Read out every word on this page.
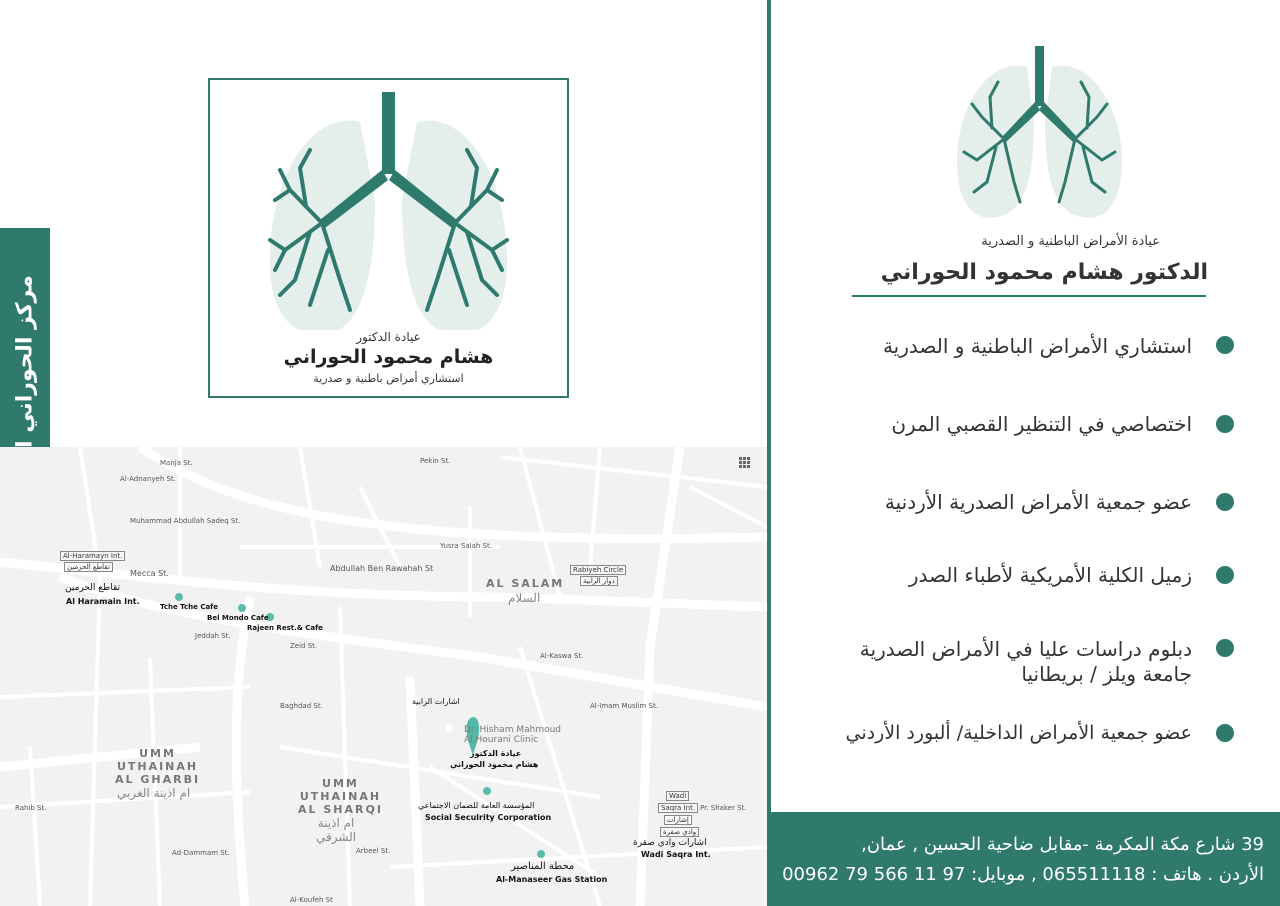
عيادة الدكتور
هشام محمود الحوراني
استشاري أمراض باطنية و صدرية
Pekin St.
Manja St.
Al-Adnanyeh St.
Muhammad Abdullah Sadeq St.
Abdullah Ben Rawahah St
Mecca St.
Yusra Salah St.
Jeddah St.
Zeid St.
Baghdad St.
Al-Kaswa St.
Al-Imam Muslim St.
Pr. Shaker St.
Rahib St.
Ad-Dammam St.	Arbeel St.
Al-Koufeh St
AL SALAM
السلام
UMM
UTHAINAH
AL GHARBI
ام اذينة الغربي
UMM
UTHAINAH
AL SHARQI
ام اذينة
الشرقي
Al-Haramayn Int.
تقاطع الحرمين
تقاطع الحرمين
Al Haramain Int.
Rabiyeh Circle
دوار الرابية
Tche Tche Cafe
Bel Mondo Cafe
Rajeen Rest.& Cafe
اشارات الرابية
Dr. Hisham Mahmoud
Al Hourani Clinic
عيادة الدكتور
هشام محمود الحوراني
المؤسسة العامة للضمان الاجتماعي
Social Seculrity Corporation
Wadi
Saqra Int.
إشارات
وادي صقرة
اشارات وادي صقرة
Wadi Saqra Int.
محطة المناصير
Al-Manaseer Gas Station
عيادة الأمراض الباطنية و الصدرية
الدكتور هشام محمود الحوراني
استشاري الأمراض الباطنية و الصدرية
اختصاصي في التنظير القصبي المرن
عضو جمعية الأمراض الصدرية الأردنية
زميل الكلية الأمريكية لأطباء الصدر
دبلوم دراسات عليا في الأمراض الصدرية
جامعة ويلز / بريطانيا
عضو جمعية الأمراض الداخلية/ ألبورد الأردني
39 شارع مكة المكرمة -مقابل ضاحية الحسين , عمان,
الأردن . هاتف : 065511118 , موبايل: 97 11 566 79 00962
